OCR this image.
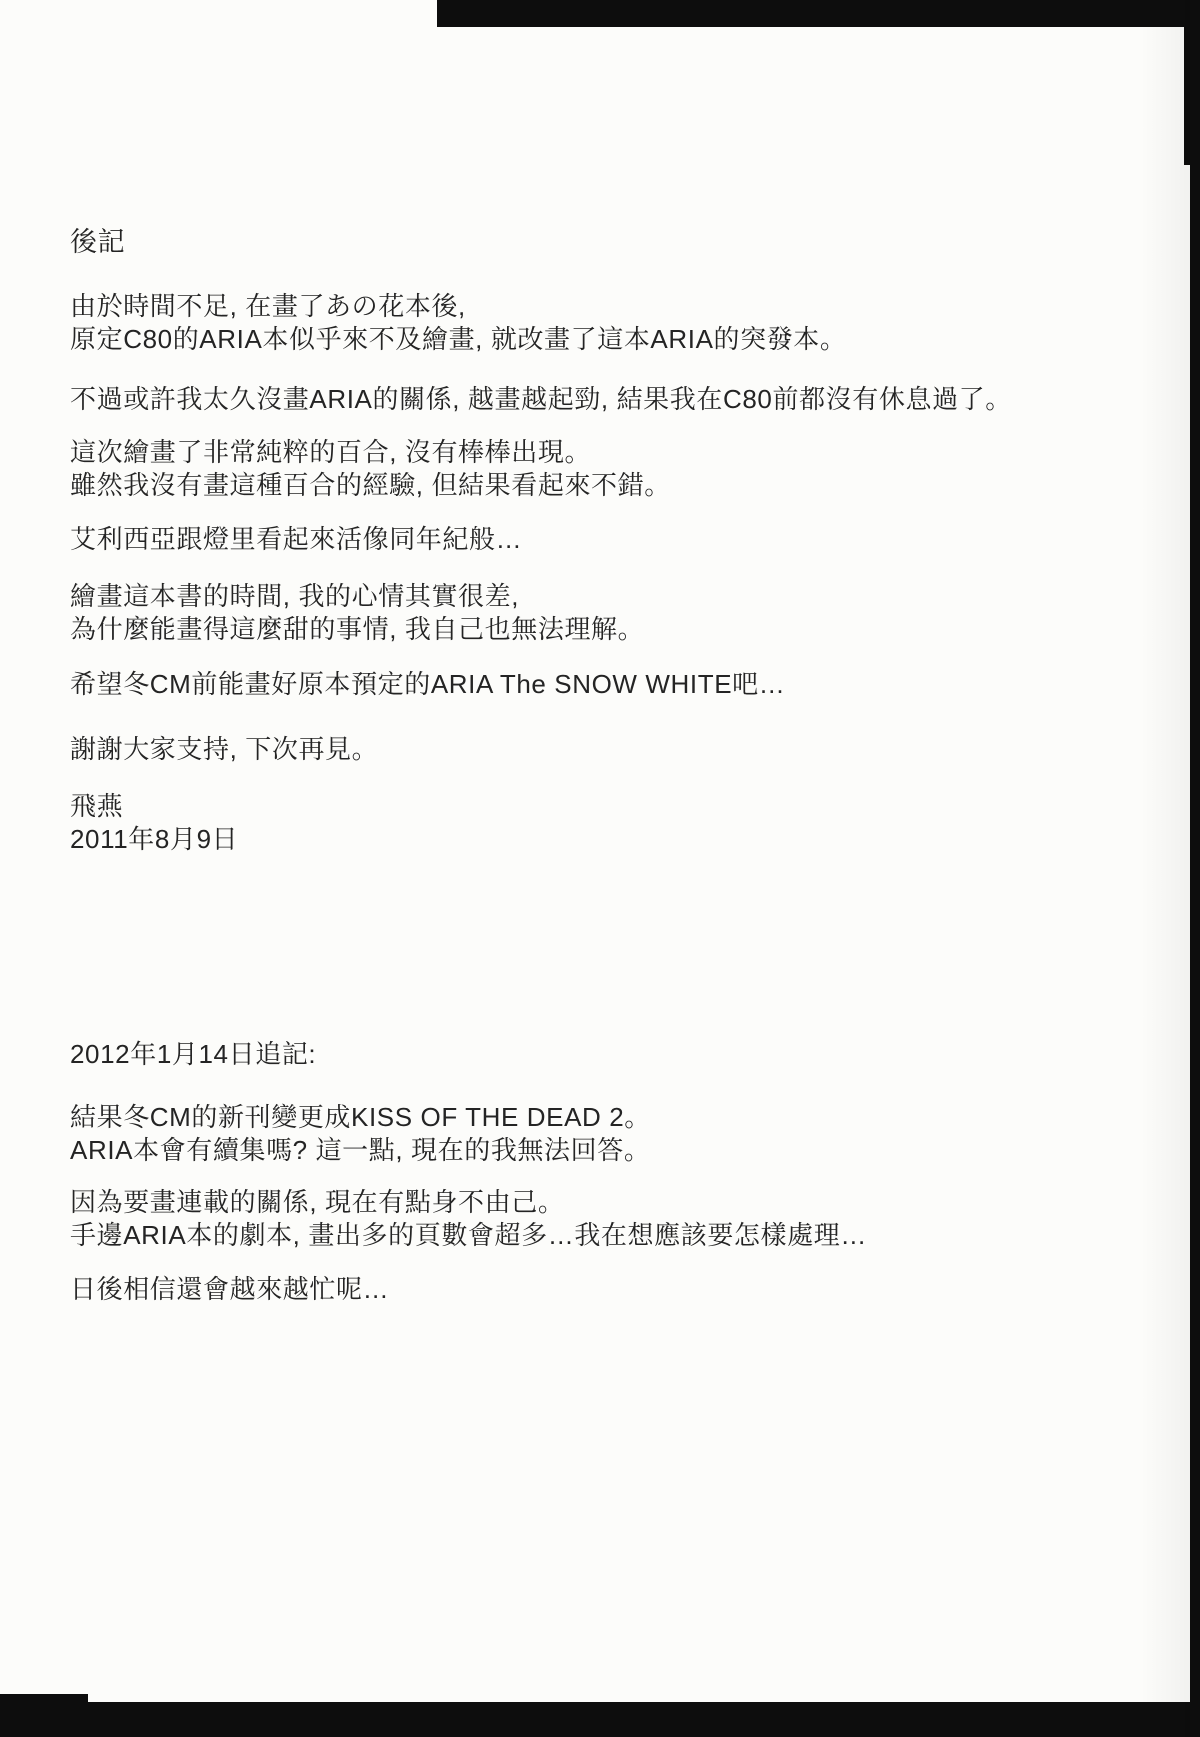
後記
由於時間不足, 在畫了あの花本後,
原定C80的ARIA本似乎來不及繪畫, 就改畫了這本ARIA的突發本。
不過或許我太久沒畫ARIA的關係, 越畫越起勁, 結果我在C80前都沒有休息過了。
這次繪畫了非常純粹的百合, 沒有棒棒出現。
雖然我沒有畫這種百合的經驗, 但結果看起來不錯。
艾利西亞跟燈里看起來活像同年紀般…
繪畫這本書的時間, 我的心情其實很差,
為什麼能畫得這麼甜的事情, 我自己也無法理解。
希望冬CM前能畫好原本預定的ARIA The SNOW WHITE吧…
謝謝大家支持, 下次再見。
飛燕
2011年8月9日
2012年1月14日追記:
結果冬CM的新刊變更成KISS OF THE DEAD 2。
ARIA本會有續集嗎? 這一點, 現在的我無法回答。
因為要畫連載的關係, 現在有點身不由己。
手邊ARIA本的劇本, 畫出多的頁數會超多…我在想應該要怎樣處理…
日後相信還會越來越忙呢…
